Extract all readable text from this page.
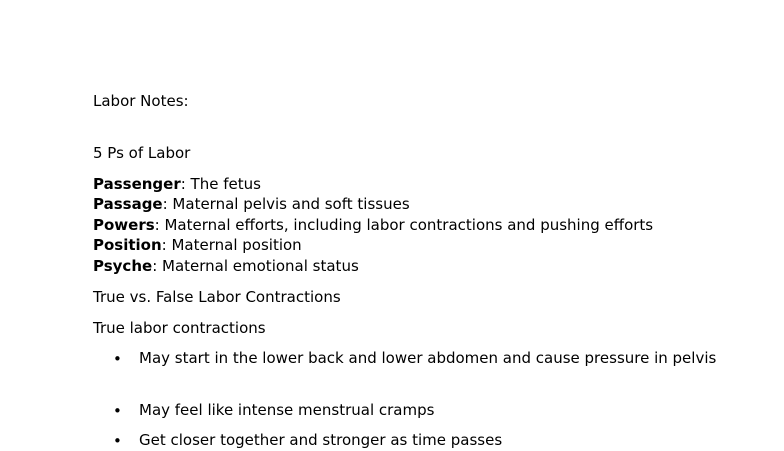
Labor Notes:
5 Ps of Labor
Passenger: The fetus
Passage: Maternal pelvis and soft tissues
Powers: Maternal efforts, including labor contractions and pushing efforts
Position: Maternal position
Psyche: Maternal emotional status
True vs. False Labor Contractions
True labor contractions
• May start in the lower back and lower abdomen and cause pressure in pelvis
• May feel like intense menstrual cramps
• Get closer together and stronger as time passes
